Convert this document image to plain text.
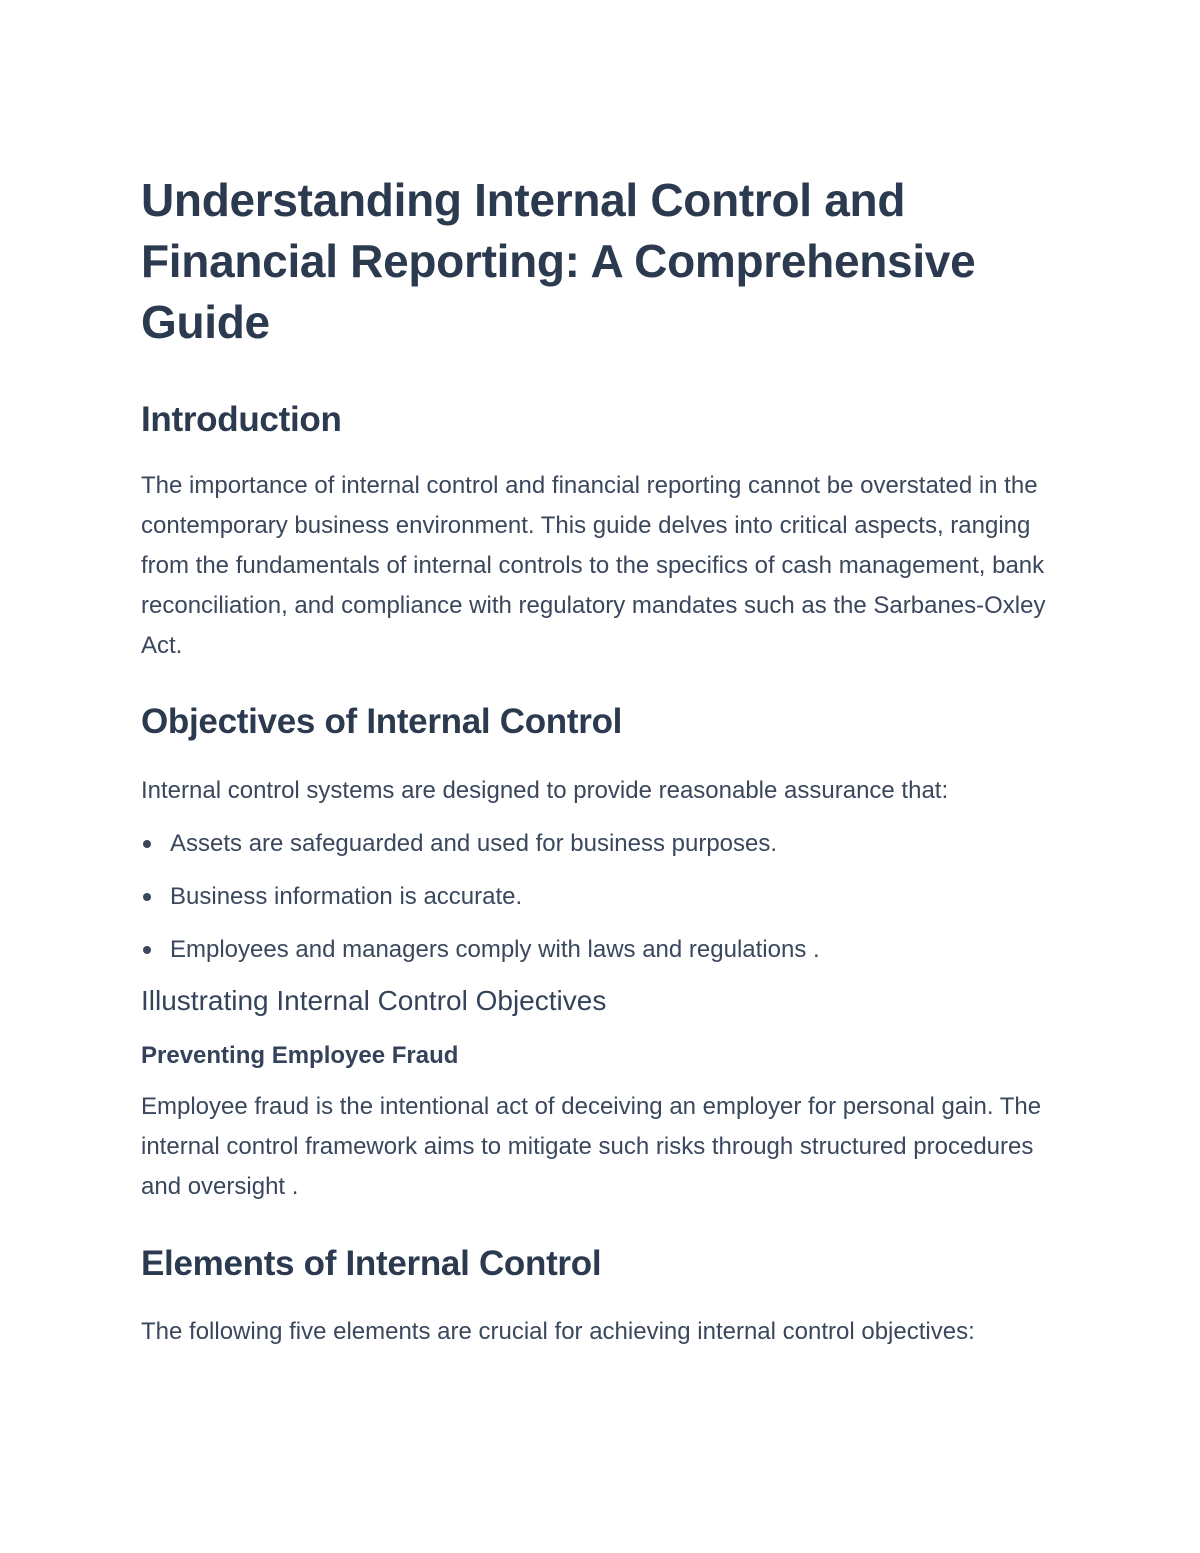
Understanding Internal Control and Financial Reporting: A Comprehensive Guide
Introduction

The importance of internal control and financial reporting cannot be overstated in the contemporary business environment. This guide delves into critical aspects, ranging from the fundamentals of internal controls to the specifics of cash management, bank reconciliation, and compliance with regulatory mandates such as the Sarbanes-Oxley Act.

Objectives of Internal Control

Internal control systems are designed to provide reasonable assurance that:

Assets are safeguarded and used for business purposes.
Business information is accurate.
Employees and managers comply with laws and regulations .
Illustrating Internal Control Objectives
Preventing Employee Fraud

Employee fraud is the intentional act of deceiving an employer for personal gain. The internal control framework aims to mitigate such risks through structured procedures and oversight .

Elements of Internal Control

The following five elements are crucial for achieving internal control objectives:
